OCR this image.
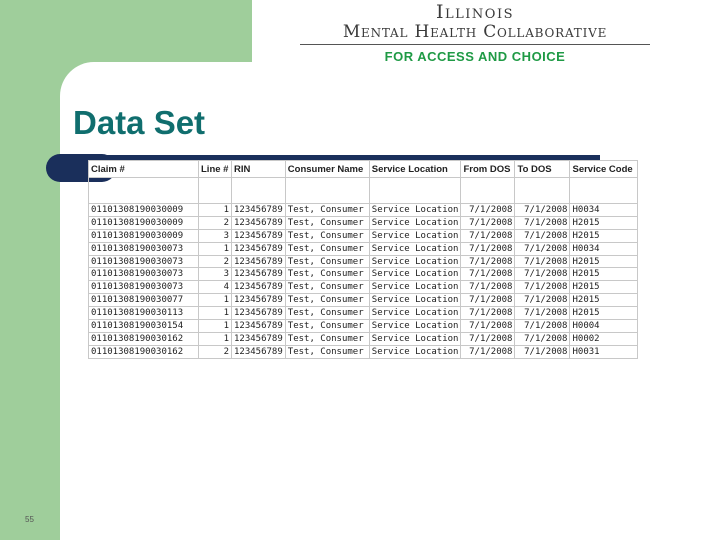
Illinois
Mental Health Collaborative
FOR ACCESS AND CHOICE
Data Set
Claim #	Line #	RIN	Consumer Name	Service Location	From DOS	To DOS	Service Code

01101308190030009	1	123456789	Test, Consumer	Service Location	7/1/2008	7/1/2008	H0034
01101308190030009	2	123456789	Test, Consumer	Service Location	7/1/2008	7/1/2008	H2015
01101308190030009	3	123456789	Test, Consumer	Service Location	7/1/2008	7/1/2008	H2015
01101308190030073	1	123456789	Test, Consumer	Service Location	7/1/2008	7/1/2008	H0034
01101308190030073	2	123456789	Test, Consumer	Service Location	7/1/2008	7/1/2008	H2015
01101308190030073	3	123456789	Test, Consumer	Service Location	7/1/2008	7/1/2008	H2015
01101308190030073	4	123456789	Test, Consumer	Service Location	7/1/2008	7/1/2008	H2015
01101308190030077	1	123456789	Test, Consumer	Service Location	7/1/2008	7/1/2008	H2015
01101308190030113	1	123456789	Test, Consumer	Service Location	7/1/2008	7/1/2008	H2015
01101308190030154	1	123456789	Test, Consumer	Service Location	7/1/2008	7/1/2008	H0004
01101308190030162	1	123456789	Test, Consumer	Service Location	7/1/2008	7/1/2008	H0002
01101308190030162	2	123456789	Test, Consumer	Service Location	7/1/2008	7/1/2008	H0031
55
